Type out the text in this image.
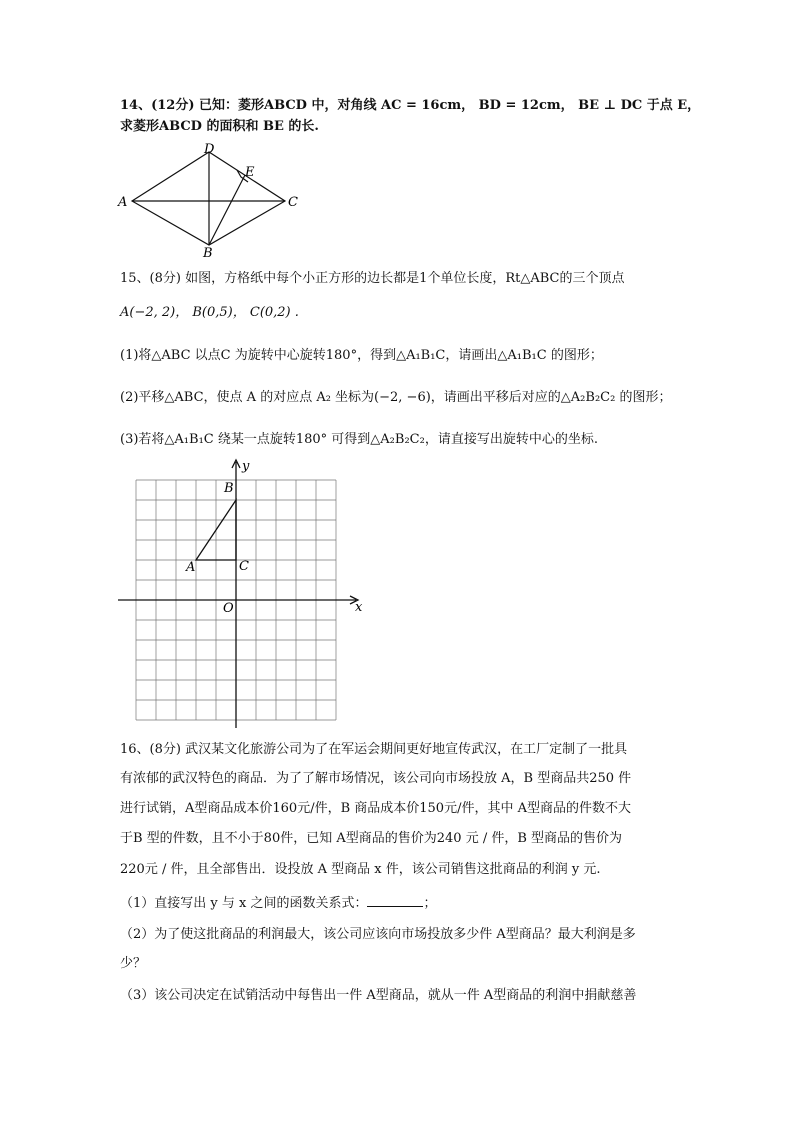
14、(12分) 已知：菱形ABCD 中，对角线 AC = 16cm， BD = 12cm， BE ⊥ DC 于点 E，
求菱形ABCD 的面积和 BE 的长.
A
B
C
D
E
15、(8分) 如图，方格纸中每个小正方形的边长都是1个单位长度，Rt△ABC的三个顶点
A(−2, 2)， B(0,5)， C(0,2) .
(1)将△ABC 以点C 为旋转中心旋转180°，得到△A₁B₁C，请画出△A₁B₁C 的图形；
(2)平移△ABC，使点 A 的对应点 A₂ 坐标为(−2, −6)，请画出平移后对应的△A₂B₂C₂ 的图形；
(3)若将△A₁B₁C 绕某一点旋转180° 可得到△A₂B₂C₂，请直接写出旋转中心的坐标.
y
x
O
A
B
C
16、(8分) 武汉某文化旅游公司为了在军运会期间更好地宣传武汉，在工厂定制了一批具
有浓郁的武汉特色的商品．为了了解市场情况，该公司向市场投放 A，B 型商品共250 件
进行试销，A型商品成本价160元/件，B 商品成本价150元/件，其中 A型商品的件数不大
于B 型的件数，且不小于80件，已知 A型商品的售价为240 元 / 件，B 型商品的售价为
220元 / 件，且全部售出．设投放 A 型商品 x 件，该公司销售这批商品的利润 y 元.
（1）直接写出 y 与 x 之间的函数关系式：	；
（2）为了使这批商品的利润最大，该公司应该向市场投放多少件 A型商品？最大利润是多
少？
（3）该公司决定在试销活动中每售出一件 A型商品，就从一件 A型商品的利润中捐献慈善
